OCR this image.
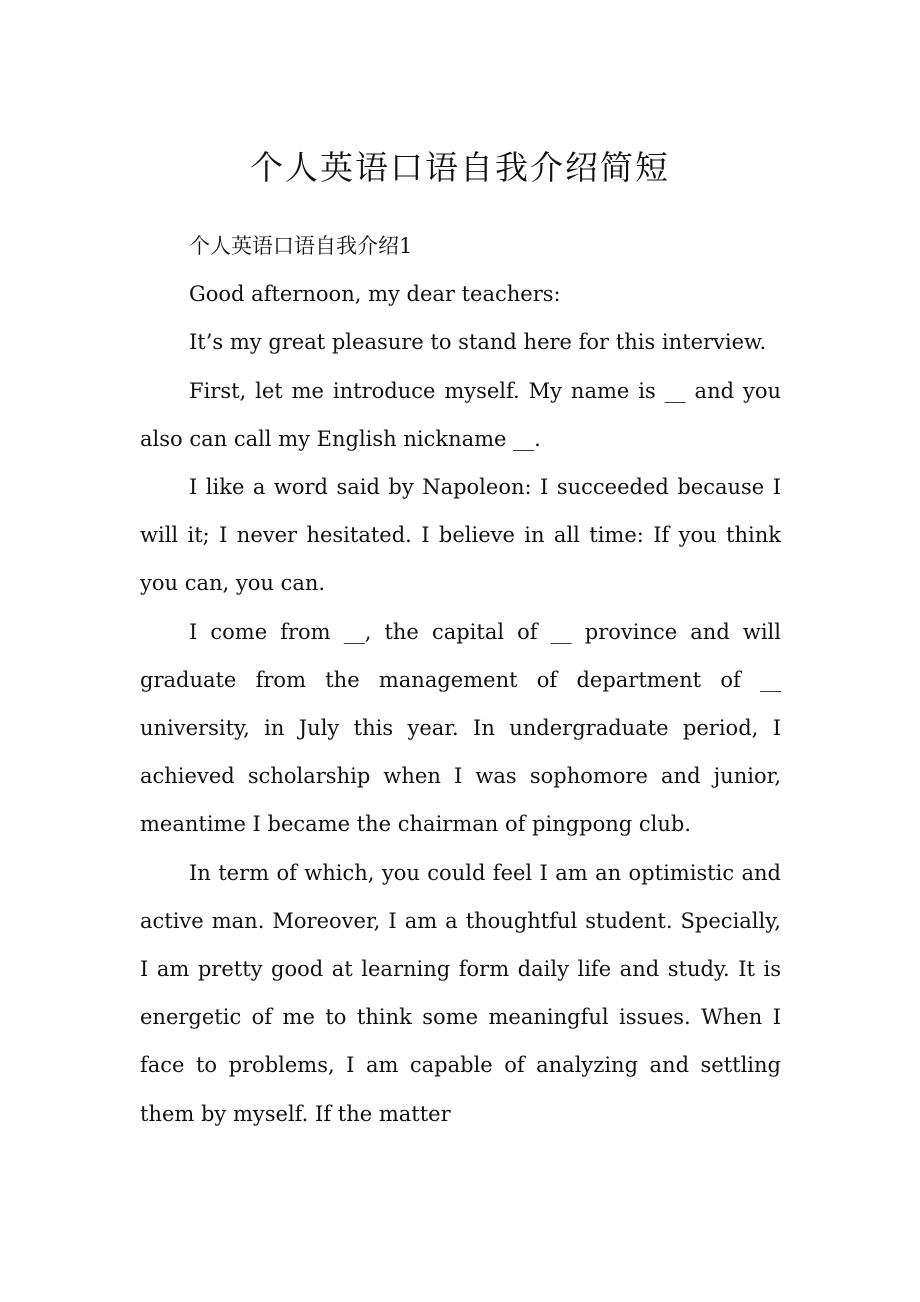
个人英语口语自我介绍简短

个人英语口语自我介绍1

Good afternoon, my dear teachers:

It’s my great pleasure to stand here for this interview.

First, let me introduce myself. My name is __ and you also can call my English nickname __.

I like a word said by Napoleon: I succeeded because I will it; I never hesitated. I believe in all time: If you think you can, you can.

I come from __, the capital of __ province and will graduate from the management of department of __ university, in July this year. In undergraduate period, I achieved scholarship when I was sophomore and junior, meantime I became the chairman of pingpong club.

In term of which, you could feel I am an optimistic and active man. Moreover, I am a thoughtful student. Specially, I am pretty good at learning form daily life and study. It is energetic of me to think some meaningful issues. When I face to problems, I am capable of analyzing and settling them by myself. If the matter
